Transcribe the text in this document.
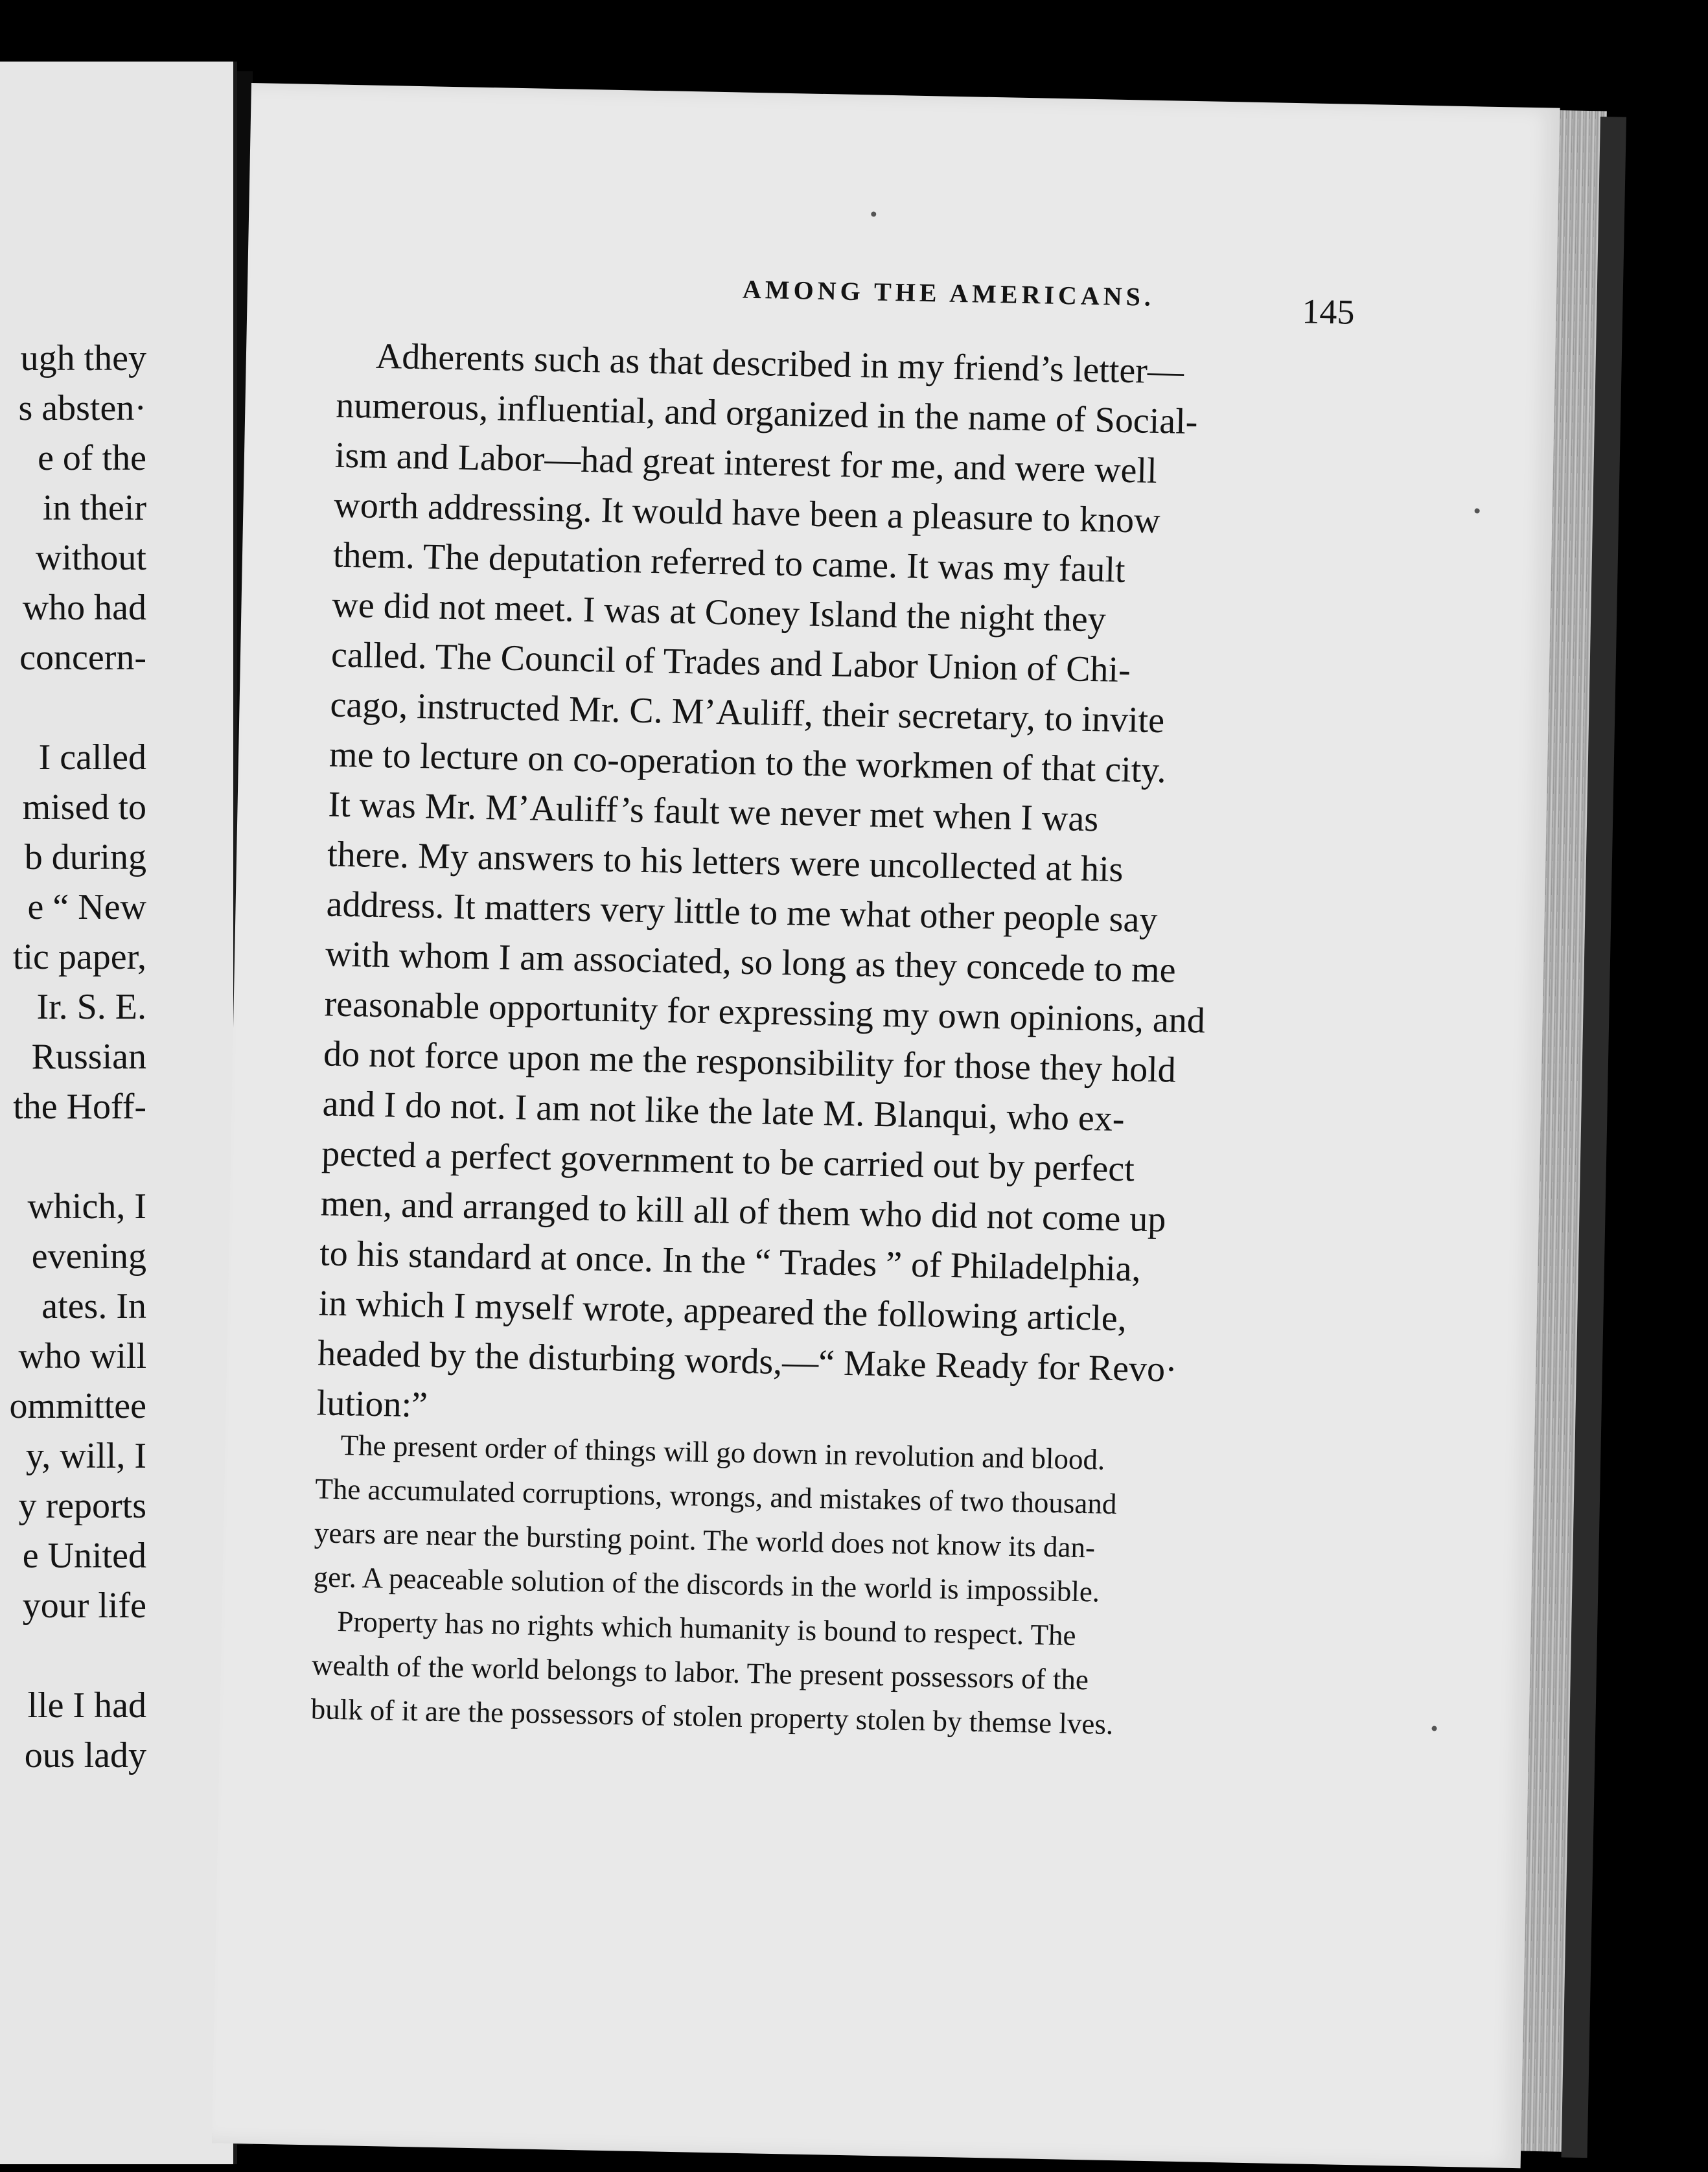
ugh they
s absten·
e of the
in their
without
who had
concern-
I called
mised to
b during
e “ New
tic paper,
Ir. S. E.
Russian
the Hoff-
which, I
evening
ates. In
who will
ommittee
y, will, I
y reports
e United
your life
lle I had
ous lady
AMONG THE AMERICANS.	145
Adherents such as that described in my friend’s letter—
numerous, influential, and organized in the name of Social-
ism and Labor—had great interest for me, and were well
worth addressing. It would have been a pleasure to know
them. The deputation referred to came. It was my fault
we did not meet. I was at Coney Island the night they
called. The Council of Trades and Labor Union of Chi-
cago, instructed Mr. C. M’Auliff, their secretary, to invite
me to lecture on co-operation to the workmen of that city.
It was Mr. M’Auliff’s fault we never met when I was
there. My answers to his letters were uncollected at his
address. It matters very little to me what other people say
with whom I am associated, so long as they concede to me
reasonable opportunity for expressing my own opinions, and
do not force upon me the responsibility for those they hold
and I do not. I am not like the late M. Blanqui, who ex-
pected a perfect government to be carried out by perfect
men, and arranged to kill all of them who did not come up
to his standard at once. In the “ Trades ” of Philadelphia,
in which I myself wrote, appeared the following article,
headed by the disturbing words,—“ Make Ready for Revo·
lution:”
The present order of things will go down in revolution and blood.
The accumulated corruptions, wrongs, and mistakes of two thousand
years are near the bursting point. The world does not know its dan-
ger. A peaceable solution of the discords in the world is impossible.
Property has no rights which humanity is bound to respect. The
wealth of the world belongs to labor. The present possessors of the
bulk of it are the possessors of stolen property stolen by themse lves.
